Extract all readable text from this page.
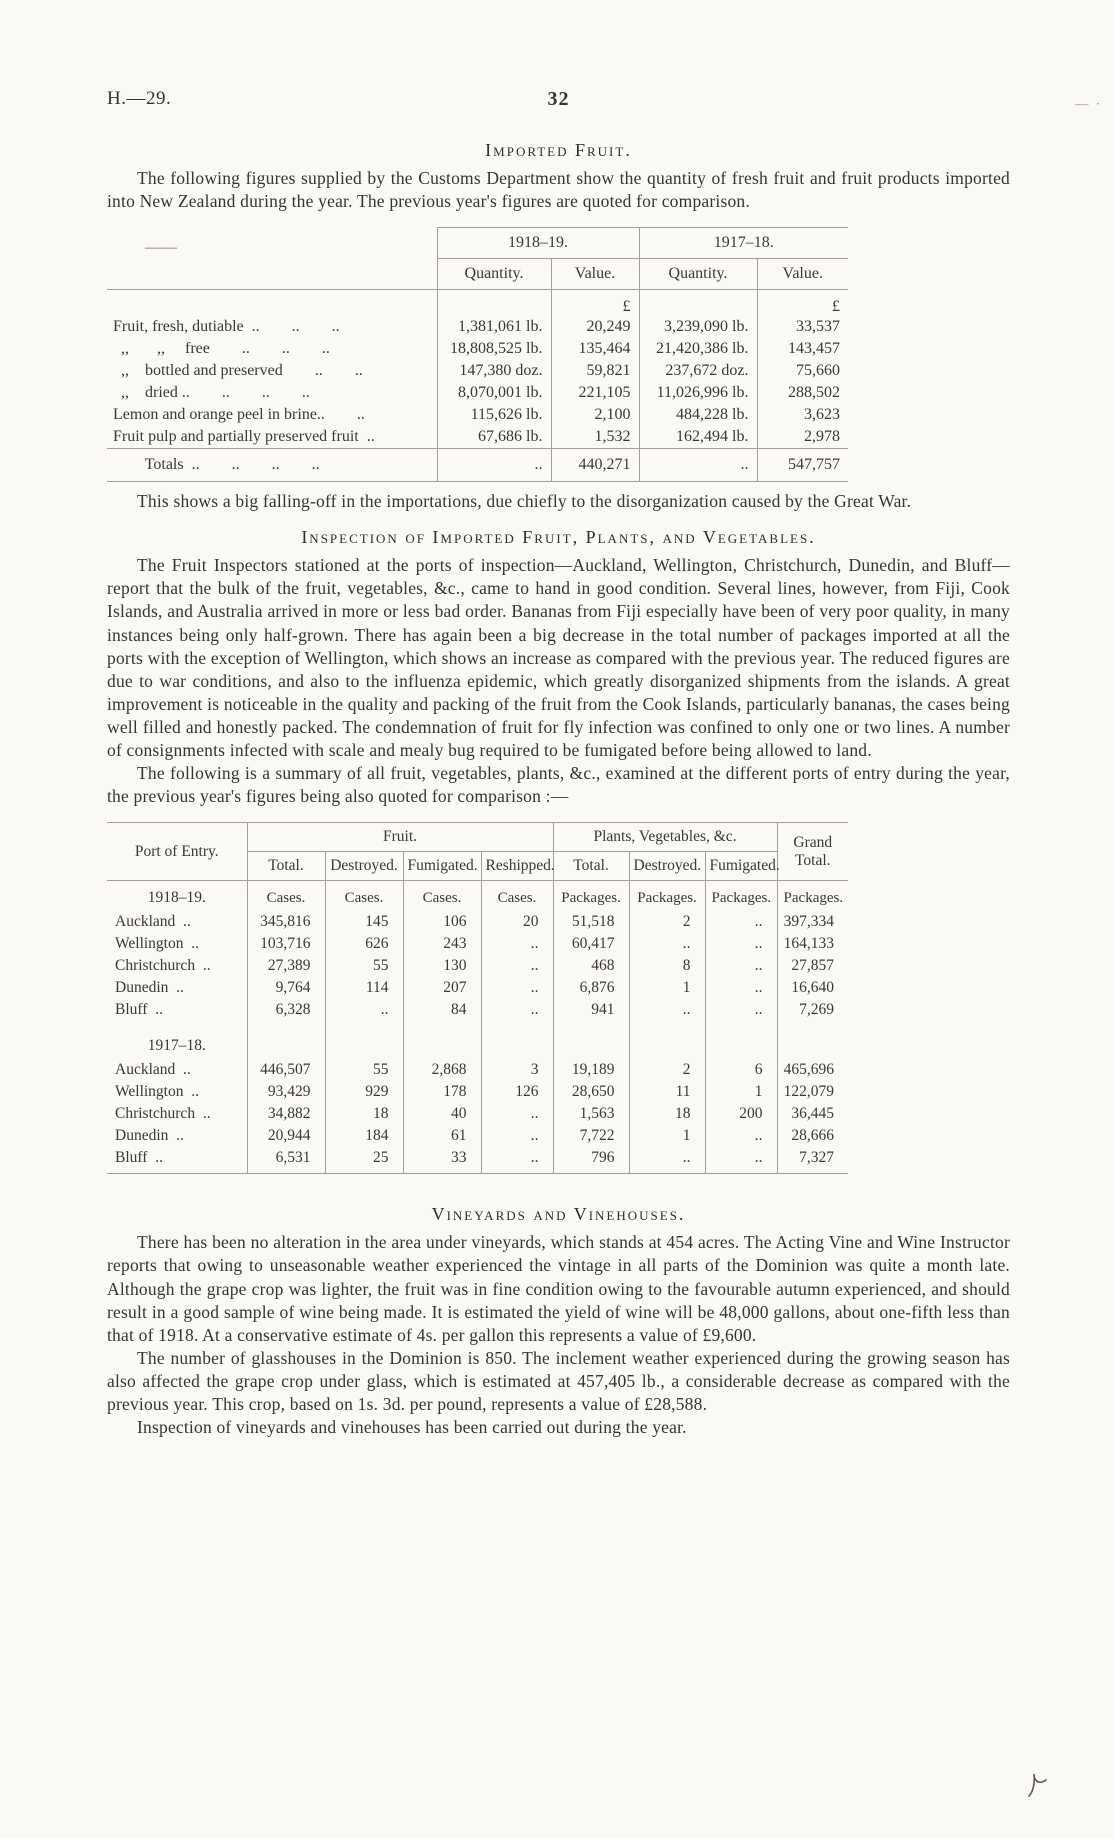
H.—29.	32	— ·
Imported Fruit.

The following figures supplied by the Customs Department show the quantity of fresh fruit and fruit products imported into New Zealand during the year. The previous year's figures are quoted for comparison.

——	1918–19.		1917–18.	
	Quantity.	Value.	Quantity.	Value.
		£		£
Fruit, fresh, dutiable  ..        ..        ..	1,381,061 lb.	20,249	3,239,090 lb.	33,537
,,       ,,     free        ..        ..        ..	18,808,525 lb.	135,464	21,420,386 lb.	143,457
,,    bottled and preserved        ..        ..	147,380 doz.	59,821	237,672 doz.	75,660
,,    dried ..        ..        ..        ..	8,070,001 lb.	221,105	11,026,996 lb.	288,502
Lemon and orange peel in brine..        ..	115,626 lb.	2,100	484,228 lb.	3,623
Fruit pulp and partially preserved fruit  ..	67,686 lb.	1,532	162,494 lb.	2,978
Totals  ..        ..        ..        ..	..	440,271	..	547,757

This shows a big falling-off in the importations, due chiefly to the disorganization caused by the Great War.

Inspection of Imported Fruit, Plants, and Vegetables.

The Fruit Inspectors stationed at the ports of inspection—Auckland, Wellington, Christchurch, Dunedin, and Bluff—report that the bulk of the fruit, vegetables, &c., came to hand in good condition. Several lines, however, from Fiji, Cook Islands, and Australia arrived in more or less bad order. Bananas from Fiji especially have been of very poor quality, in many instances being only half-grown. There has again been a big decrease in the total number of packages imported at all the ports with the exception of Wellington, which shows an increase as compared with the previous year. The reduced figures are due to war conditions, and also to the influenza epidemic, which greatly disorganized shipments from the islands. A great improvement is noticeable in the quality and packing of the fruit from the Cook Islands, particularly bananas, the cases being well filled and honestly packed. The condemnation of fruit for fly infection was confined to only one or two lines. A number of consignments infected with scale and mealy bug required to be fumigated before being allowed to land.

The following is a summary of all fruit, vegetables, plants, &c., examined at the different ports of entry during the year, the previous year's figures being also quoted for comparison :—

Port of Entry.	Fruit.				Plants, Vegetables, &c.			Grand Total.
	Total.	Destroyed.	Fumigated.	Reshipped.	Total.	Destroyed.	Fumigated.	
1918–19.	Cases.	Cases.	Cases.	Cases.	Packages.	Packages.	Packages.	Packages.
Auckland  ..	345,816	145	106	20	51,518	2	..	397,334
Wellington  ..	103,716	626	243	..	60,417	..	..	164,133
Christchurch  ..	27,389	55	130	..	468	8	..	27,857
Dunedin  ..	9,764	114	207	..	6,876	1	..	16,640
Bluff  ..	6,328	..	84	..	941	..	..	7,269
1917–18.								
Auckland  ..	446,507	55	2,868	3	19,189	2	6	465,696
Wellington  ..	93,429	929	178	126	28,650	11	1	122,079
Christchurch  ..	34,882	18	40	..	1,563	18	200	36,445
Dunedin  ..	20,944	184	61	..	7,722	1	..	28,666
Bluff  ..	6,531	25	33	..	796	..	..	7,327
Vineyards and Vinehouses.

There has been no alteration in the area under vineyards, which stands at 454 acres. The Acting Vine and Wine Instructor reports that owing to unseasonable weather experienced the vintage in all parts of the Dominion was quite a month late. Although the grape crop was lighter, the fruit was in fine condition owing to the favourable autumn experienced, and should result in a good sample of wine being made. It is estimated the yield of wine will be 48,000 gallons, about one-fifth less than that of 1918. At a conservative estimate of 4s. per gallon this represents a value of £9,600.

The number of glasshouses in the Dominion is 850. The inclement weather experienced during the growing season has also affected the grape crop under glass, which is estimated at 457,405 lb., a considerable decrease as compared with the previous year. This crop, based on 1s. 3d. per pound, represents a value of £28,588.

Inspection of vineyards and vinehouses has been carried out during the year.
